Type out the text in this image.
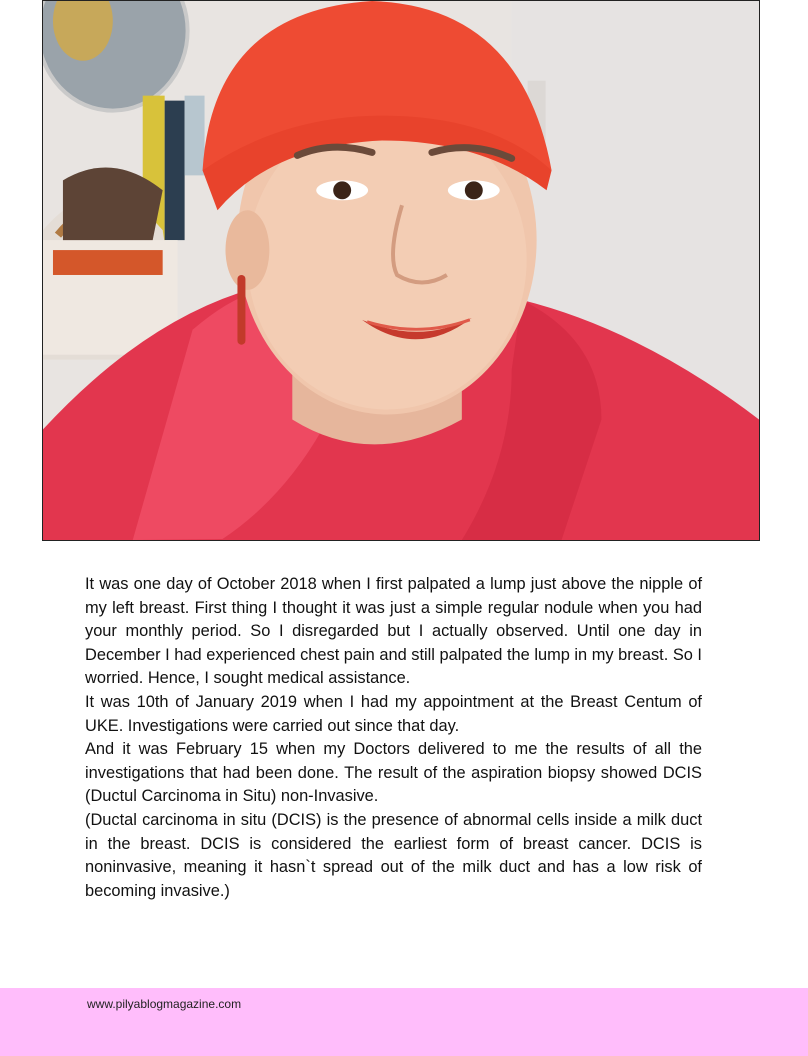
It was one day of October 2018 when I first palpated a lump just above the nipple of my left breast. First thing I thought it was just a simple regular nodule when you had your monthly period. So I disregarded but I actually observed. Until one day in December I had experienced chest pain and still palpated the lump in my breast. So I worried. Hence, I sought medical assistance.

It was 10th of January 2019 when I had my appointment at the Breast Centum of UKE. Investigations were carried out since that day.

And it was February 15 when my Doctors delivered to me the results of all the investigations that had been done. The result of the aspiration biopsy showed DCIS (Ductul Carcinoma in Situ) non-Invasive.

(Ductal carcinoma in situ (DCIS) is the presence of abnormal cells inside a milk duct in the breast. DCIS is considered the earliest form of breast cancer. DCIS is noninvasive, meaning it hasn`t spread out of the milk duct and has a low risk of becoming invasive.)

www.pilyablogmagazine.com
